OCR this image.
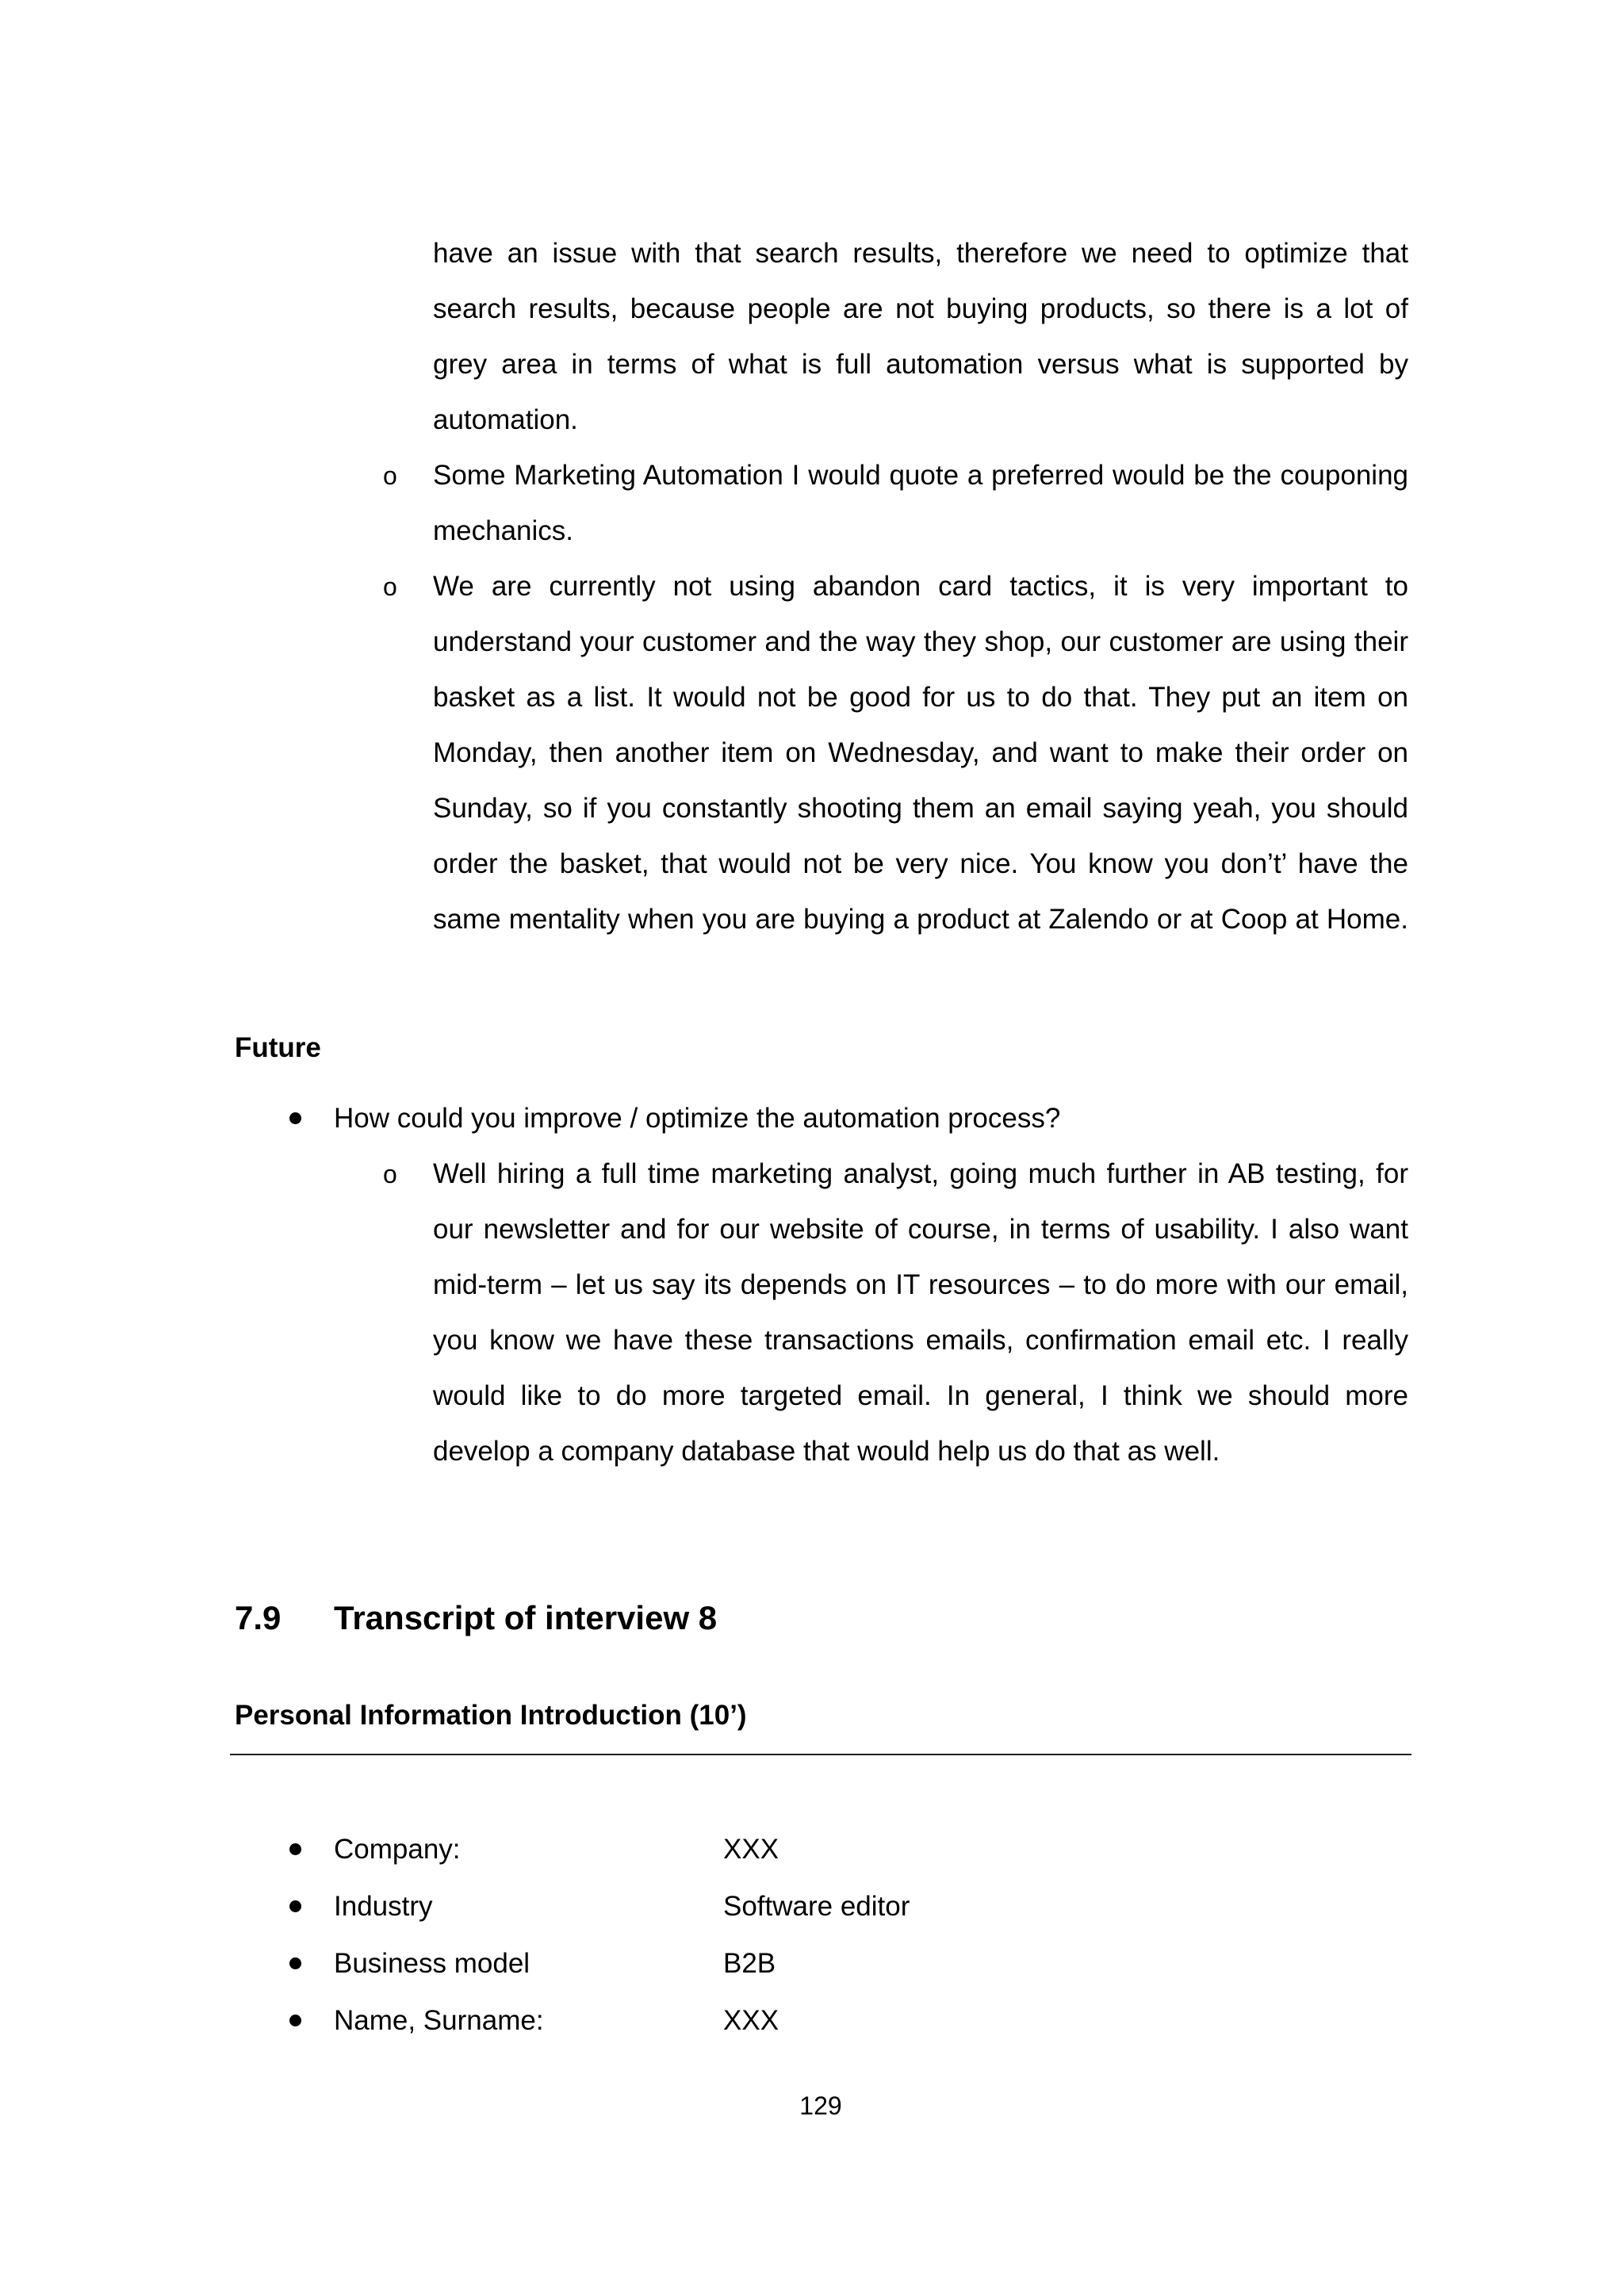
have an issue with that search results, therefore we need to optimize that search results, because people are not buying products, so there is a lot of grey area in terms of what is full automation versus what is supported by automation.
o Some Marketing Automation I would quote a preferred would be the couponing mechanics.
o We are currently not using abandon card tactics, it is very important to understand your customer and the way they shop, our customer are using their basket as a list. It would not be good for us to do that. They put an item on Monday, then another item on Wednesday, and want to make their order on Sunday, so if you constantly shooting them an email saying yeah, you should order the basket, that would not be very nice. You know you don’t’ have the same mentality when you are buying a product at Zalendo or at Coop at Home.
Future
How could you improve / optimize the automation process?
o Well hiring a full time marketing analyst, going much further in AB testing, for our newsletter and for our website of course, in terms of usability. I also want mid-term – let us say its depends on IT resources – to do more with our email, you know we have these transactions emails, confirmation email etc. I really would like to do more targeted email. In general, I think we should more develop a company database that would help us do that as well.
7.9 Transcript of interview 8
Personal Information Introduction (10’)
Company:	XXX
Industry	Software editor
Business model	B2B
Name, Surname:	XXX
129
